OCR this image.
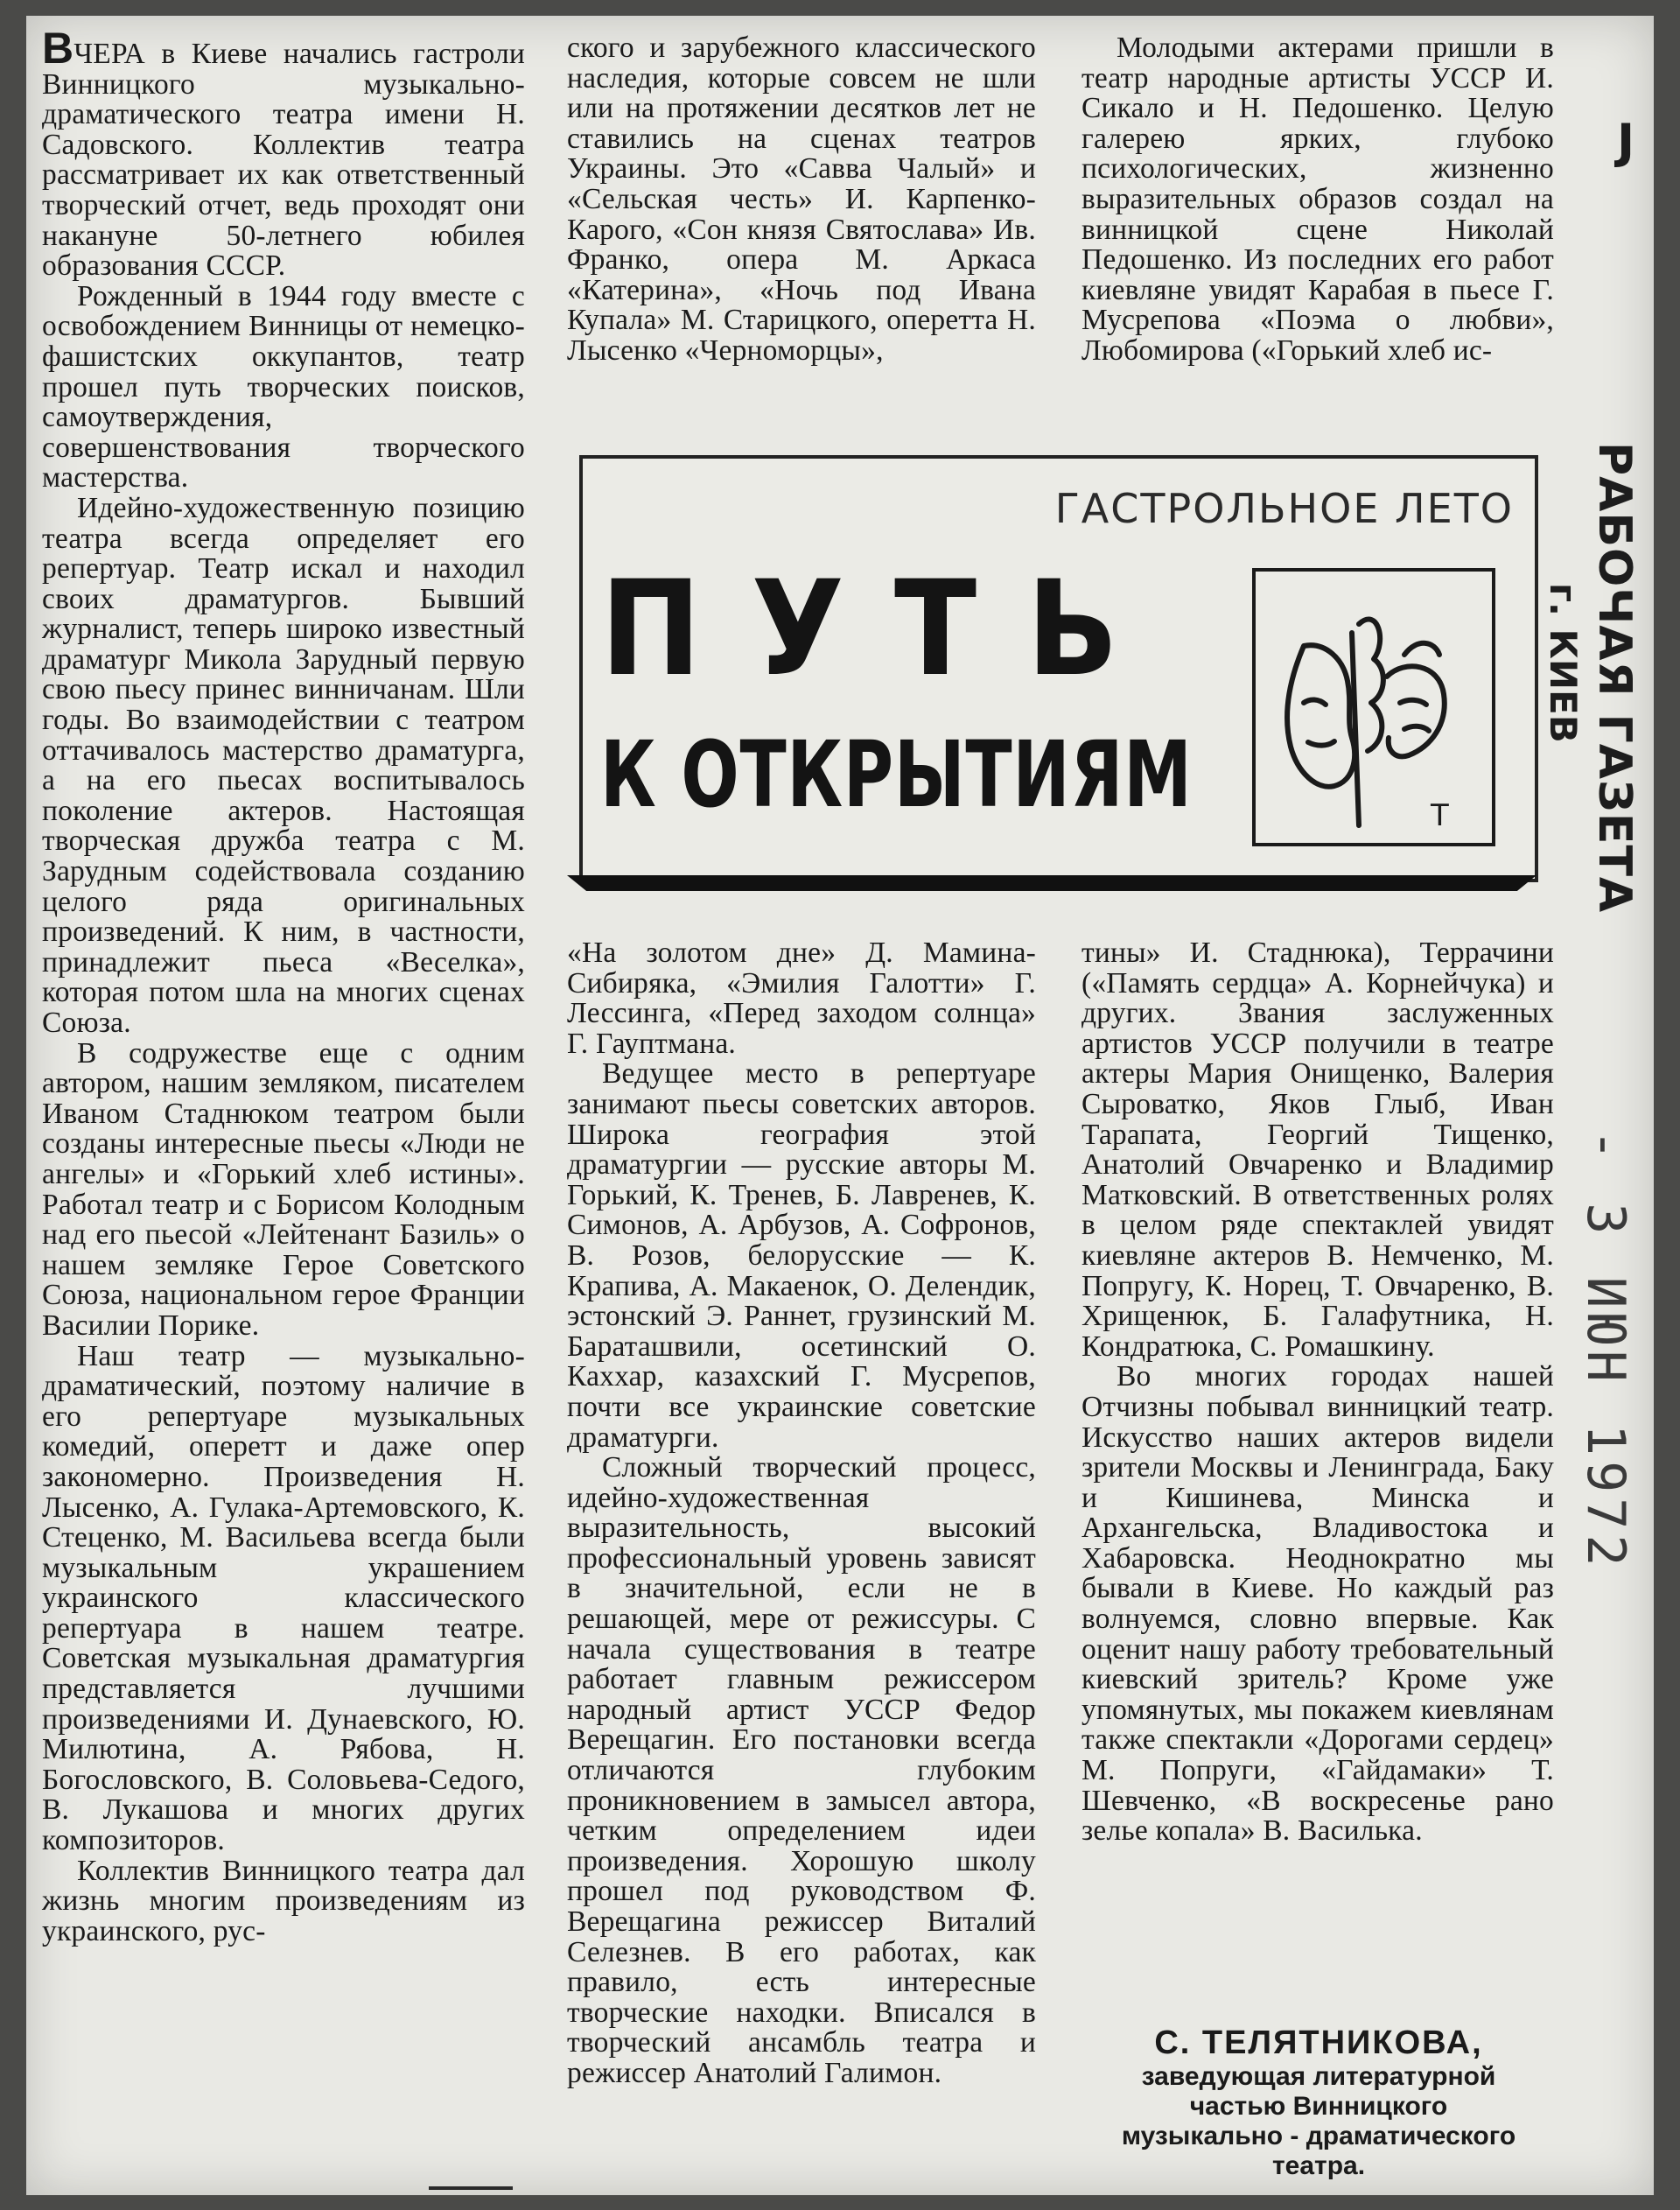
ВЧЕРА в Киеве начались гастроли Винницкого музыкально-драматического театра имени Н. Садовского. Коллектив театра рассматривает их как ответственный творческий отчет, ведь проходят они накануне 50-летнего юбилея образования СССР.

Рожденный в 1944 году вместе с освобождением Винницы от немецко-фашистских оккупантов, театр прошел путь творческих поисков, самоутверждения, совершенствования творческого мастерства.

Идейно-художественную позицию театра всегда определяет его репертуар. Театр искал и находил своих драматургов. Бывший журналист, теперь широко известный драматург Микола Зарудный первую свою пьесу принес винничанам. Шли годы. Во взаимодействии с театром оттачивалось мастерство драматурга, а на его пьесах воспитывалось поколение актеров. Настоящая творческая дружба театра с М. Зарудным содействовала созданию целого ряда оригинальных произведений. К ним, в частности, принадлежит пьеса «Веселка», которая потом шла на многих сценах Союза.

В содружестве еще с одним автором, нашим земляком, писателем Иваном Стаднюком театром были созданы интересные пьесы «Люди не ангелы» и «Горький хлеб истины». Работал театр и с Борисом Колодным над его пьесой «Лейтенант Базиль» о нашем земляке Герое Советского Союза, национальном герое Франции Василии Порике.

Наш театр — музыкально-драматический, поэтому наличие в его репертуаре музыкальных комедий, оперетт и даже опер закономерно. Произведения Н. Лысенко, А. Гулака-Артемовского, К. Стеценко, М. Васильева всегда были музыкальным украшением украинского классического репертуара в нашем театре. Советская музыкальная драматургия представляется лучшими произведениями И. Дунаевского, Ю. Милютина, А. Рябова, Н. Богословского, В. Соловьева-Седого, В. Лукашова и многих других композиторов.

Коллектив Винницкого театра дал жизнь многим произведениям из украинского, рус-

ского и зарубежного классического наследия, которые совсем не шли или на протяжении десятков лет не ставились на сценах театров Украины. Это «Савва Чалый» и «Сельская честь» И. Карпенко-Карого, «Сон князя Святослава» Ив. Франко, опера М. Аркаса «Катерина», «Ночь под Ивана Купала» М. Старицкого, оперетта Н. Лысенко «Черноморцы»,

Молодыми актерами пришли в театр народные артисты УССР И. Сикало и Н. Педошенко. Целую галерею ярких, глубоко психологических, жизненно выразительных образов создал на винницкой сцене Николай Педошенко. Из последних его работ киевляне увидят Карабая в пьесе Г. Мусрепова «Поэма о любви», Любомирова («Горький хлеб ис-

ГАСТРОЛЬНОЕ ЛЕТО
ПУТЬ
К ОТКРЫТИЯМ	T

«На золотом дне» Д. Мамина-Сибиряка, «Эмилия Галотти» Г. Лессинга, «Перед заходом солнца» Г. Гауптмана.

Ведущее место в репертуаре занимают пьесы советских авторов. Широка география этой драматургии — русские авторы М. Горький, К. Тренев, Б. Лавренев, К. Симонов, А. Арбузов, А. Софронов, В. Розов, белорусские — К. Крапива, А. Макаенок, О. Делендик, эстонский Э. Раннет, грузинский М. Бараташвили, осетинский О. Каххар, казахский Г. Мусрепов, почти все украинские советские драматурги.

Сложный творческий процесс, идейно-художественная выразительность, высокий профессиональный уровень зависят в значительной, если не в решающей, мере от режиссуры. С начала существования в театре работает главным режиссером народный артист УССР Федор Верещагин. Его постановки всегда отличаются глубоким проникновением в замысел автора, четким определением идеи произведения. Хорошую школу прошел под руководством Ф. Верещагина режиссер Виталий Селезнев. В его работах, как правило, есть интересные творческие находки. Вписался в творческий ансамбль театра и режиссер Анатолий Галимон.

тины» И. Стаднюка), Террачини («Память сердца» А. Корнейчука) и других. Звания заслуженных артистов УССР получили в театре актеры Мария Онищенко, Валерия Сыроватко, Яков Глыб, Иван Тарапата, Георгий Тищенко, Анатолий Овчаренко и Владимир Матковский. В ответственных ролях в целом ряде спектаклей увидят киевляне актеров В. Немченко, М. Попругу, К. Норец, Т. Овчаренко, В. Хрищенюк, Б. Галафутника, Н. Кондратюка, С. Ромашкину.

Во многих городах нашей Отчизны побывал винницкий театр. Искусство наших актеров видели зрители Москвы и Ленинграда, Баку и Кишинева, Минска и Архангельска, Владивостока и Хабаровска. Неоднократно мы бывали в Киеве. Но каждый раз волнуемся, словно впервые. Как оценит нашу работу требовательный киевский зритель? Кроме уже упомянутых, мы покажем киевлянам также спектакли «Дорогами сердец» М. Попруги, «Гайдамаки» Т. Шевченко, «В воскресенье рано зелье копала» В. Василька.

С. ТЕЛЯТНИКОВА,
заведующая литературной частью Винницкого музыкально - драматического театра.
J
РАБОЧАЯ ГАЗЕТА
г. КИЕВ
- 3 ИЮН 1972
